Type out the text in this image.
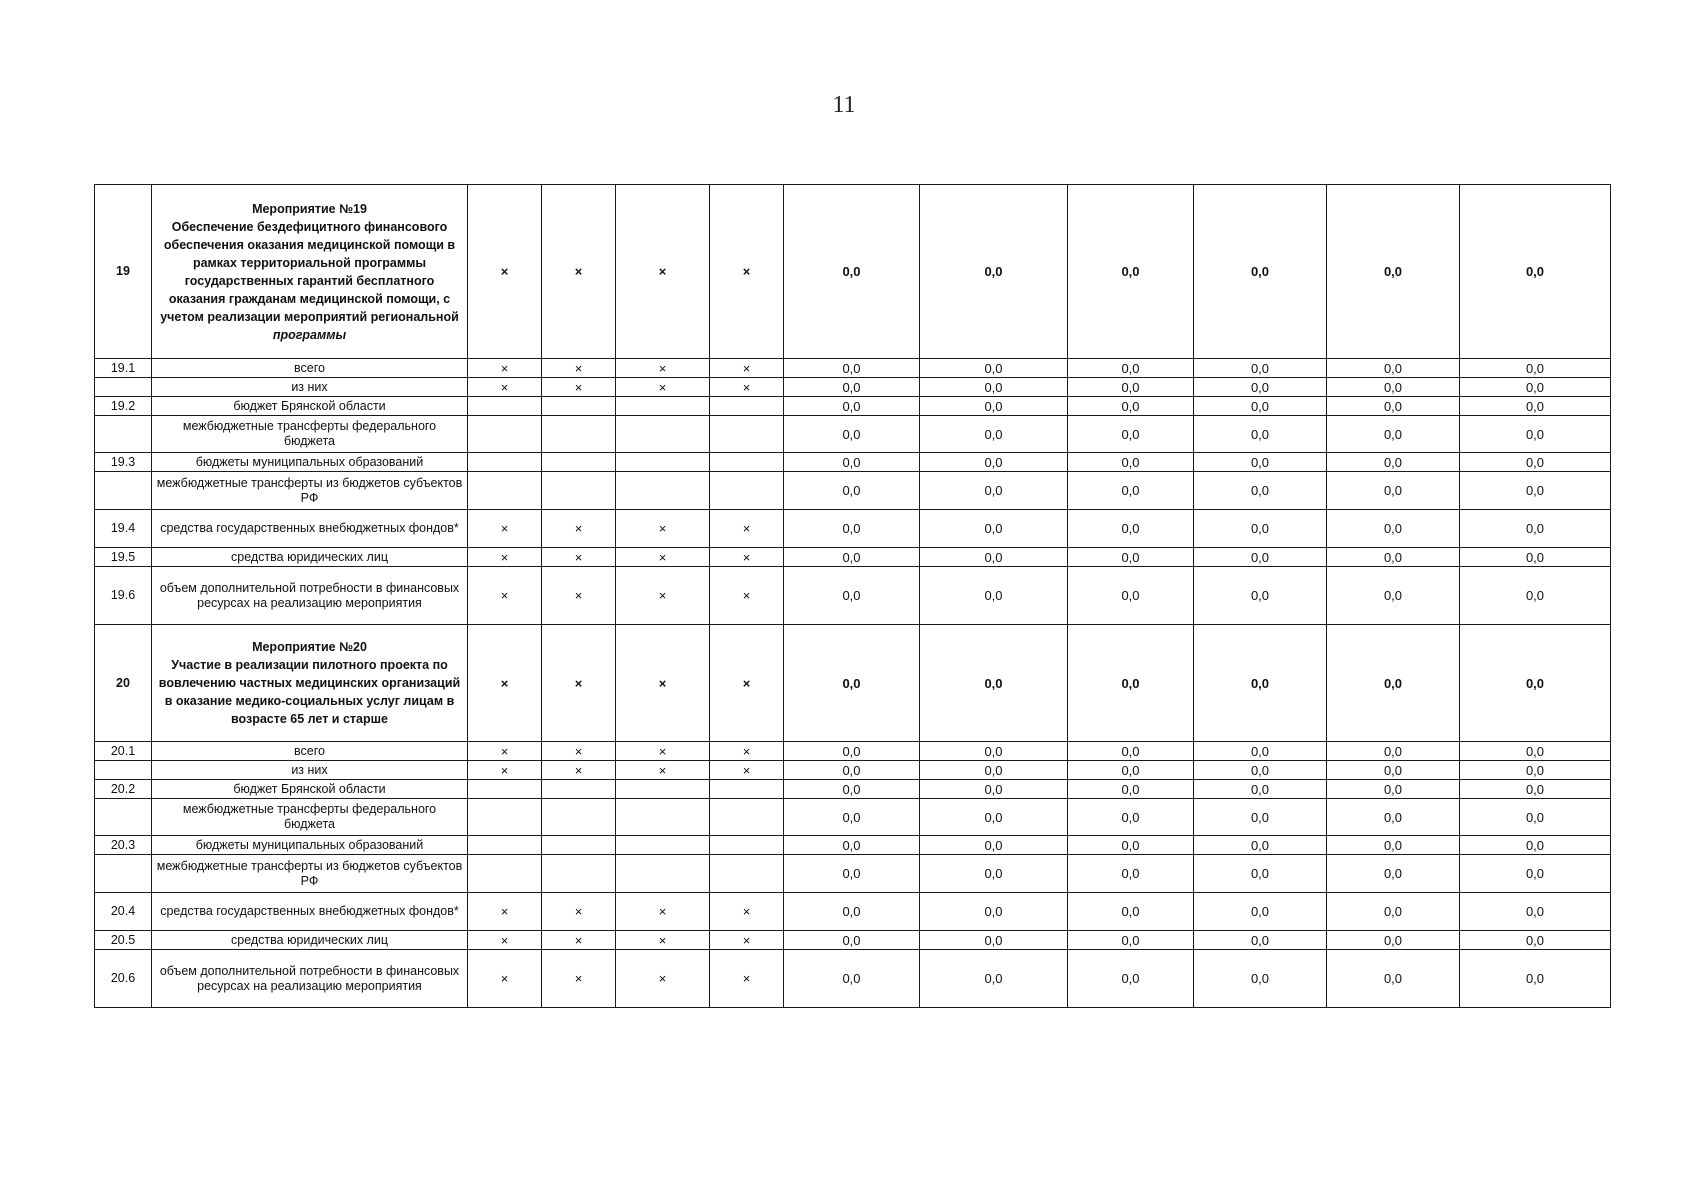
11
19	Мероприятие №19
Обеспечение бездефицитного финансового обеспечения оказания медицинской помощи в рамках территориальной программы государственных гарантий бесплатного оказания гражданам медицинской помощи, с учетом реализации мероприятий региональной программы	×	×	×	×	0,0	0,0	0,0	0,0	0,0	0,0
19.1	всего	×	×	×	×	0,0	0,0	0,0	0,0	0,0	0,0
	из них	×	×	×	×	0,0	0,0	0,0	0,0	0,0	0,0
19.2	бюджет Брянской области					0,0	0,0	0,0	0,0	0,0	0,0
	межбюджетные трансферты федерального бюджета					0,0	0,0	0,0	0,0	0,0	0,0
19.3	бюджеты муниципальных образований					0,0	0,0	0,0	0,0	0,0	0,0
	межбюджетные трансферты из бюджетов субъектов РФ					0,0	0,0	0,0	0,0	0,0	0,0
19.4	средства государственных внебюджетных фондов*	×	×	×	×	0,0	0,0	0,0	0,0	0,0	0,0
19.5	средства юридических лиц	×	×	×	×	0,0	0,0	0,0	0,0	0,0	0,0
19.6	объем дополнительной потребности в финансовых ресурсах на реализацию мероприятия	×	×	×	×	0,0	0,0	0,0	0,0	0,0	0,0
20	Мероприятие №20
Участие в реализации пилотного проекта по вовлечению частных медицинских организаций в оказание медико-социальных услуг лицам в возрасте 65 лет и старше	×	×	×	×	0,0	0,0	0,0	0,0	0,0	0,0
20.1	всего	×	×	×	×	0,0	0,0	0,0	0,0	0,0	0,0
	из них	×	×	×	×	0,0	0,0	0,0	0,0	0,0	0,0
20.2	бюджет Брянской области					0,0	0,0	0,0	0,0	0,0	0,0
	межбюджетные трансферты федерального бюджета					0,0	0,0	0,0	0,0	0,0	0,0
20.3	бюджеты муниципальных образований					0,0	0,0	0,0	0,0	0,0	0,0
	межбюджетные трансферты из бюджетов субъектов РФ					0,0	0,0	0,0	0,0	0,0	0,0
20.4	средства государственных внебюджетных фондов*	×	×	×	×	0,0	0,0	0,0	0,0	0,0	0,0
20.5	средства юридических лиц	×	×	×	×	0,0	0,0	0,0	0,0	0,0	0,0
20.6	объем дополнительной потребности в финансовых ресурсах на реализацию мероприятия	×	×	×	×	0,0	0,0	0,0	0,0	0,0	0,0
